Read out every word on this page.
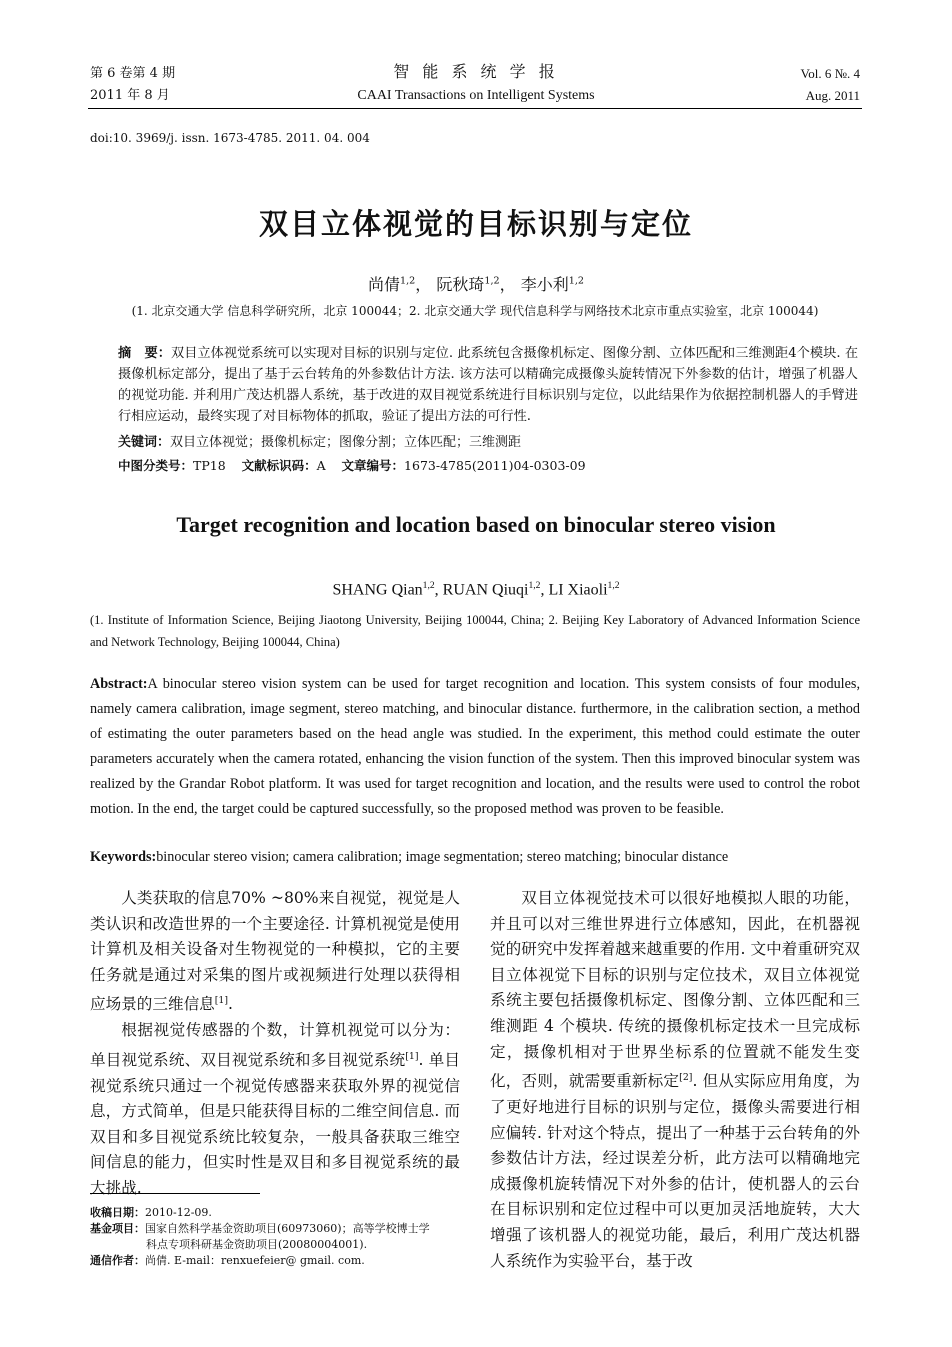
第 6 卷第 4 期
2011 年 8 月
智 能 系 统 学 报
CAAI Transactions on Intelligent Systems
Vol. 6 №. 4
Aug. 2011
doi:10. 3969/j. issn. 1673-4785. 2011. 04. 004
双目立体视觉的目标识别与定位
尚倩$^{1,2}$， 阮秋琦$^{1,2}$， 李小利$^{1,2}$
(1. 北京交通大学 信息科学研究所，北京 100044；2. 北京交通大学 现代信息科学与网络技术北京市重点实验室，北京 100044)
摘　要：双目立体视觉系统可以实现对目标的识别与定位. 此系统包含摄像机标定、图像分割、立体匹配和三维测距4个模块. 在摄像机标定部分，提出了基于云台转角的外参数估计方法. 该方法可以精确完成摄像头旋转情况下外参数的估计，增强了机器人的视觉功能. 并利用广茂达机器人系统，基于改进的双目视觉系统进行目标识别与定位，以此结果作为依据控制机器人的手臂进行相应运动，最终实现了对目标物体的抓取，验证了提出方法的可行性.
关键词：双目立体视觉；摄像机标定；图像分割；立体匹配；三维测距
中图分类号：TP18 文献标识码：A 文章编号：1673-4785(2011)04-0303-09
Target recognition and location based on binocular stereo vision
SHANG Qian$^{1,2}$, RUAN Qiuqi$^{1,2}$, LI Xiaoli$^{1,2}$
(1. Institute of Information Science, Beijing Jiaotong University, Beijing 100044, China; 2. Beijing Key Laboratory of Advanced Information Science and Network Technology, Beijing 100044, China)
Abstract:A binocular stereo vision system can be used for target recognition and location. This system consists of four modules, namely camera calibration, image segment, stereo matching, and binocular distance. furthermore, in the calibration section, a method of estimating the outer parameters based on the head angle was studied. In the experiment, this method could estimate the outer parameters accurately when the camera rotated, enhancing the vision function of the system. Then this improved binocular system was realized by the Grandar Robot platform. It was used for target recognition and location, and the results were used to control the robot motion. In the end, the target could be captured successfully, so the proposed method was proven to be feasible.
Keywords:binocular stereo vision; camera calibration; image segmentation; stereo matching; binocular distance

人类获取的信息70% ~80%来自视觉，视觉是人类认识和改造世界的一个主要途径. 计算机视觉是使用计算机及相关设备对生物视觉的一种模拟，它的主要任务就是通过对采集的图片或视频进行处理以获得相应场景的三维信息[1].

根据视觉传感器的个数，计算机视觉可以分为：单目视觉系统、双目视觉系统和多目视觉系统[1]. 单目视觉系统只通过一个视觉传感器来获取外界的视觉信息，方式简单，但是只能获得目标的二维空间信息. 而双目和多目视觉系统比较复杂，一般具备获取三维空间信息的能力，但实时性是双目和多目视觉系统的最大挑战.

双目立体视觉技术可以很好地模拟人眼的功能，并且可以对三维世界进行立体感知，因此，在机器视觉的研究中发挥着越来越重要的作用. 文中着重研究双目立体视觉下目标的识别与定位技术，双目立体视觉系统主要包括摄像机标定、图像分割、立体匹配和三维测距 4 个模块. 传统的摄像机标定技术一旦完成标定，摄像机相对于世界坐标系的位置就不能发生变化，否则，就需要重新标定[2]. 但从实际应用角度，为了更好地进行目标的识别与定位，摄像头需要进行相应偏转. 针对这个特点，提出了一种基于云台转角的外参数估计方法，经过误差分析，此方法可以精确地完成摄像机旋转情况下对外参的估计，使机器人的云台在目标识别和定位过程中可以更加灵活地旋转，大大增强了该机器人的视觉功能，最后，利用广茂达机器人系统作为实验平台，基于改

收稿日期：2010-12-09.
基金项目：国家自然科学基金资助项目(60973060)；高等学校博士学
科点专项科研基金资助项目(20080004001).
通信作者：尚倩. E-mail：renxuefeier@ gmail. com.
